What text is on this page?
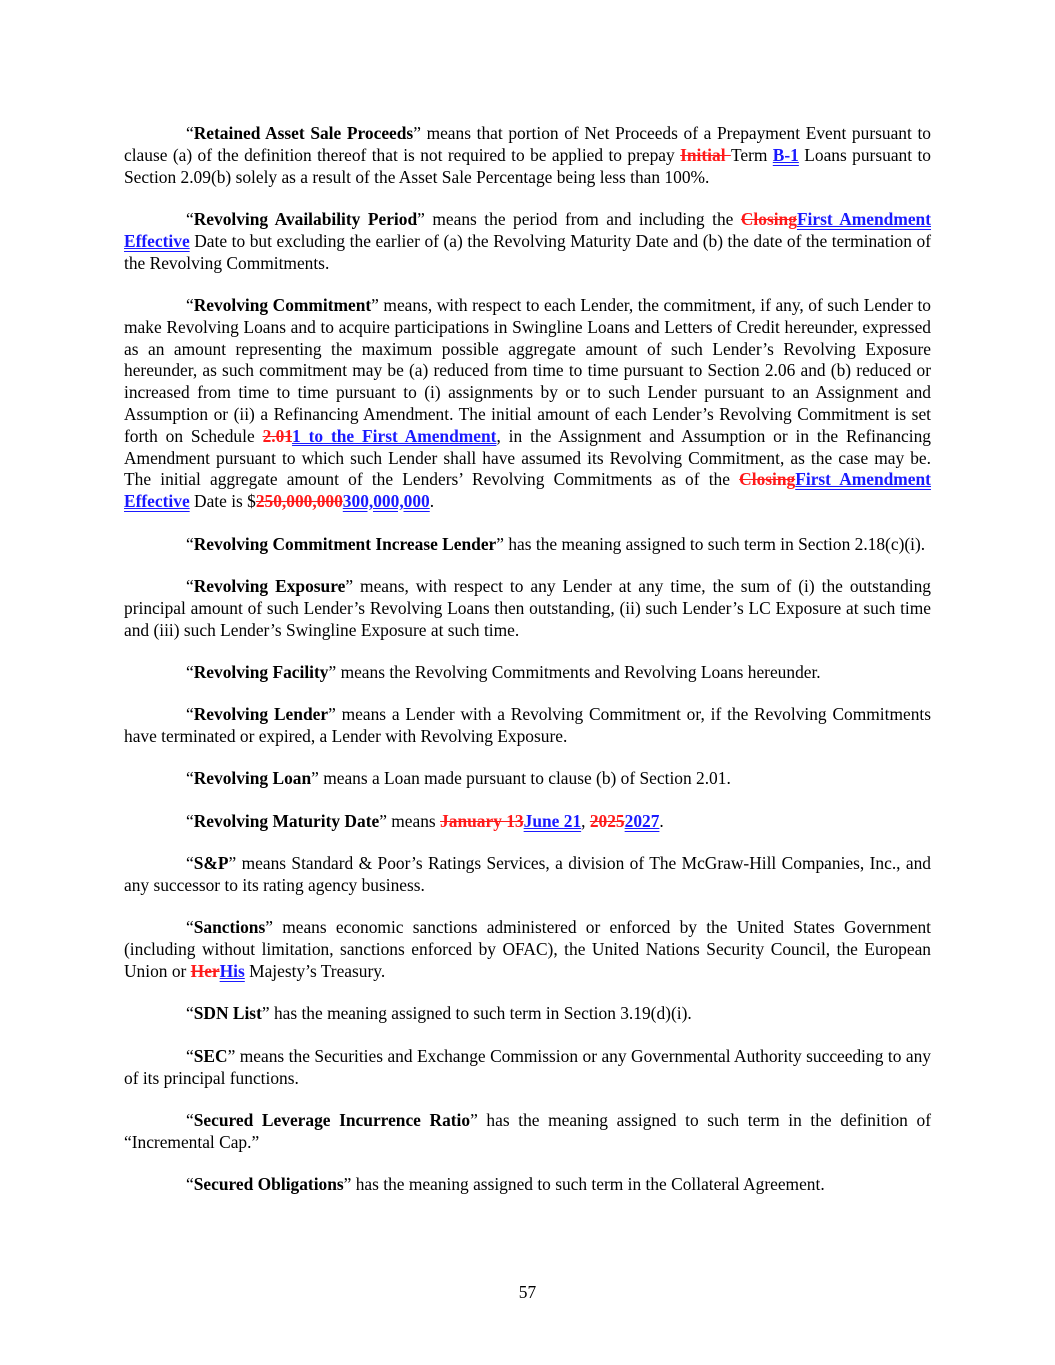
“Retained Asset Sale Proceeds” means that portion of Net Proceeds of a Prepayment Event pursuant to clause (a) of the definition thereof that is not required to be applied to prepay Initial Term B-1 Loans pursuant to Section 2.09(b) solely as a result of the Asset Sale Percentage being less than 100%.

“Revolving Availability Period” means the period from and including the ClosingFirst Amendment Effective Date to but excluding the earlier of (a) the Revolving Maturity Date and (b) the date of the termination of the Revolving Commitments.

“Revolving Commitment” means, with respect to each Lender, the commitment, if any, of such Lender to make Revolving Loans and to acquire participations in Swingline Loans and Letters of Credit hereunder, expressed as an amount representing the maximum possible aggregate amount of such Lender’s Revolving Exposure hereunder, as such commitment may be (a) reduced from time to time pursuant to Section 2.06 and (b) reduced or increased from time to time pursuant to (i) assignments by or to such Lender pursuant to an Assignment and Assumption or (ii) a Refinancing Amendment. The initial amount of each Lender’s Revolving Commitment is set forth on Schedule 2.011 to the First Amendment, in the Assignment and Assumption or in the Refinancing Amendment pursuant to which such Lender shall have assumed its Revolving Commitment, as the case may be. The initial aggregate amount of the Lenders’ Revolving Commitments as of the ClosingFirst Amendment Effective Date is $250,000,000300,000,000.

“Revolving Commitment Increase Lender” has the meaning assigned to such term in Section 2.18(c)(i).

“Revolving Exposure” means, with respect to any Lender at any time, the sum of (i) the outstanding principal amount of such Lender’s Revolving Loans then outstanding, (ii) such Lender’s LC Exposure at such time and (iii) such Lender’s Swingline Exposure at such time.

“Revolving Facility” means the Revolving Commitments and Revolving Loans hereunder.

“Revolving Lender” means a Lender with a Revolving Commitment or, if the Revolving Commitments have terminated or expired, a Lender with Revolving Exposure.

“Revolving Loan” means a Loan made pursuant to clause (b) of Section 2.01.

“Revolving Maturity Date” means January 13June 21, 20252027.

“S&P” means Standard & Poor’s Ratings Services, a division of The McGraw-Hill Companies, Inc., and any successor to its rating agency business.

“Sanctions” means economic sanctions administered or enforced by the United States Government (including without limitation, sanctions enforced by OFAC), the United Nations Security Council, the European Union or HerHis Majesty’s Treasury.

“SDN List” has the meaning assigned to such term in Section 3.19(d)(i).

“SEC” means the Securities and Exchange Commission or any Governmental Authority succeeding to any of its principal functions.

“Secured Leverage Incurrence Ratio” has the meaning assigned to such term in the definition of “Incremental Cap.”

“Secured Obligations” has the meaning assigned to such term in the Collateral Agreement.

57
